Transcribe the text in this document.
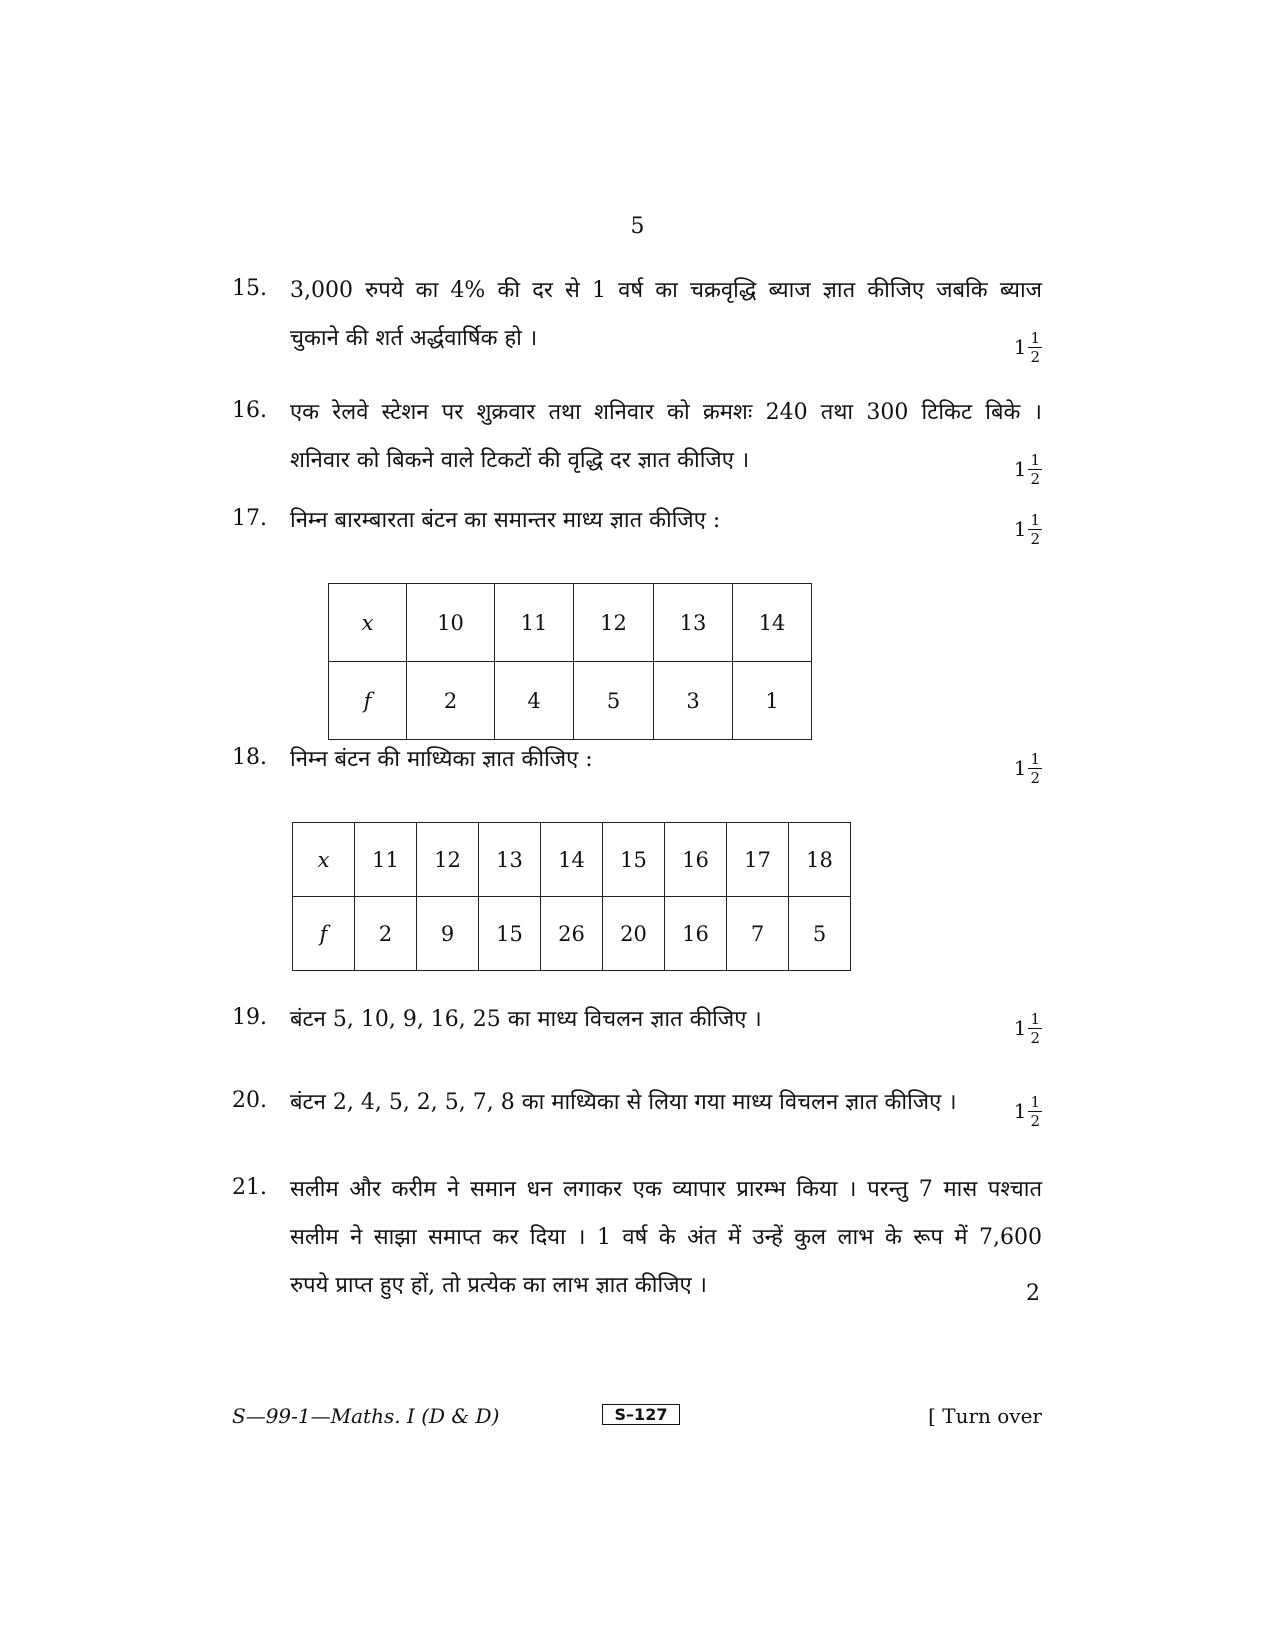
5
15. 3,000 रुपये का 4% की दर से 1 वर्ष का चक्रवृद्धि ब्याज ज्ञात कीजिए जबकि ब्याज
चुकाने की शर्त अर्द्धवार्षिक हो ।	$1 \frac{1}{2}$
16. एक रेलवे स्टेशन पर शुक्रवार तथा शनिवार को क्रमशः 240 तथा 300 टिकिट बिके ।
शनिवार को बिकने वाले टिकटों की वृद्धि दर ज्ञात कीजिए ।	$1 \frac{1}{2}$
17. निम्न बारम्बारता बंटन का समान्तर माध्य ज्ञात कीजिए :	$1 \frac{1}{2}$
x	10	11	12	13	14
f	2	4	5	3	1
18. निम्न बंटन की माध्यिका ज्ञात कीजिए :	$1 \frac{1}{2}$
x	11	12	13	14	15	16	17	18
f	2	9	15	26	20	16	7	5
19. बंटन 5, 10, 9, 16, 25 का माध्य विचलन ज्ञात कीजिए ।	$1 \frac{1}{2}$
20. बंटन 2, 4, 5, 2, 5, 7, 8 का माध्यिका से लिया गया माध्य विचलन ज्ञात कीजिए ।	$1 \frac{1}{2}$
21. सलीम और करीम ने समान धन लगाकर एक व्यापार प्रारम्भ किया । परन्तु 7 मास पश्चात
सलीम ने साझा समाप्त कर दिया । 1 वर्ष के अंत में उन्हें कुल लाभ के रूप में 7,600
रुपये प्राप्त हुए हों, तो प्रत्येक का लाभ ज्ञात कीजिए ।	2
S—99-1—Maths. I (D & D)	S–127	[ Turn over
